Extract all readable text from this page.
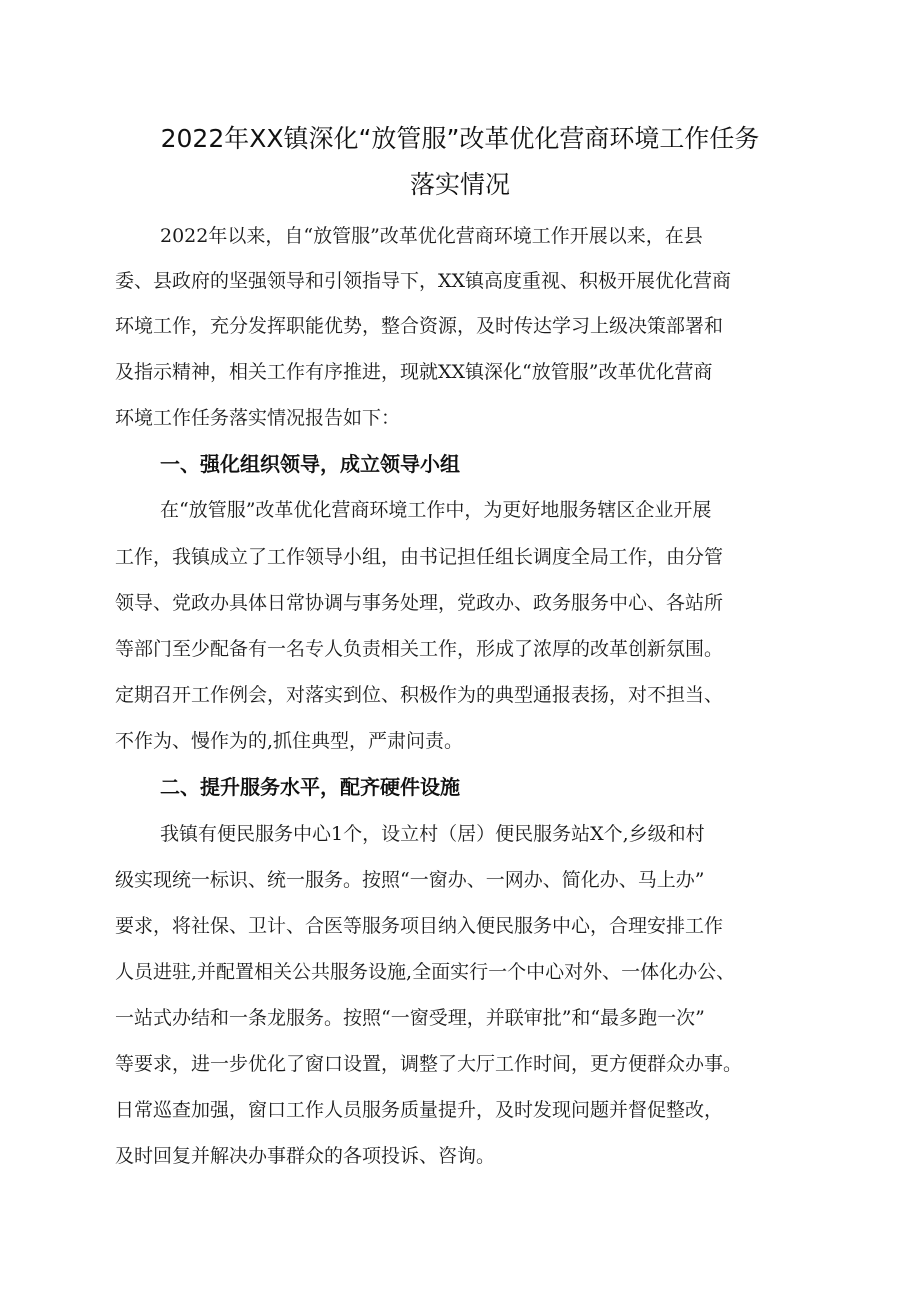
2022年XX镇深化“放管服”改革优化营商环境工作任务
落实情况
2022年以来，自“放管服”改革优化营商环境工作开展以来，在县
委、县政府的坚强领导和引领指导下，XX镇高度重视、积极开展优化营商
环境工作，充分发挥职能优势，整合资源，及时传达学习上级决策部署和
及指示精神，相关工作有序推进，现就XX镇深化“放管服”改革优化营商
环境工作任务落实情况报告如下：
一、强化组织领导，成立领导小组
在“放管服”改革优化营商环境工作中，为更好地服务辖区企业开展
工作，我镇成立了工作领导小组，由书记担任组长调度全局工作，由分管
领导、党政办具体日常协调与事务处理，党政办、政务服务中心、各站所
等部门至少配备有一名专人负责相关工作，形成了浓厚的改革创新氛围。
定期召开工作例会，对落实到位、积极作为的典型通报表扬，对不担当、
不作为、慢作为的,抓住典型，严肃问责。
二、提升服务水平，配齐硬件设施
我镇有便民服务中心1个，设立村（居）便民服务站X个,乡级和村
级实现统一标识、统一服务。按照“一窗办、一网办、简化办、马上办”
要求，将社保、卫计、合医等服务项目纳入便民服务中心，合理安排工作
人员进驻,并配置相关公共服务设施,全面实行一个中心对外、一体化办公、
一站式办结和一条龙服务。按照“一窗受理，并联审批”和“最多跑一次”
等要求，进一步优化了窗口设置，调整了大厅工作时间，更方便群众办事。
日常巡查加强，窗口工作人员服务质量提升，及时发现问题并督促整改，
及时回复并解决办事群众的各项投诉、咨询。
